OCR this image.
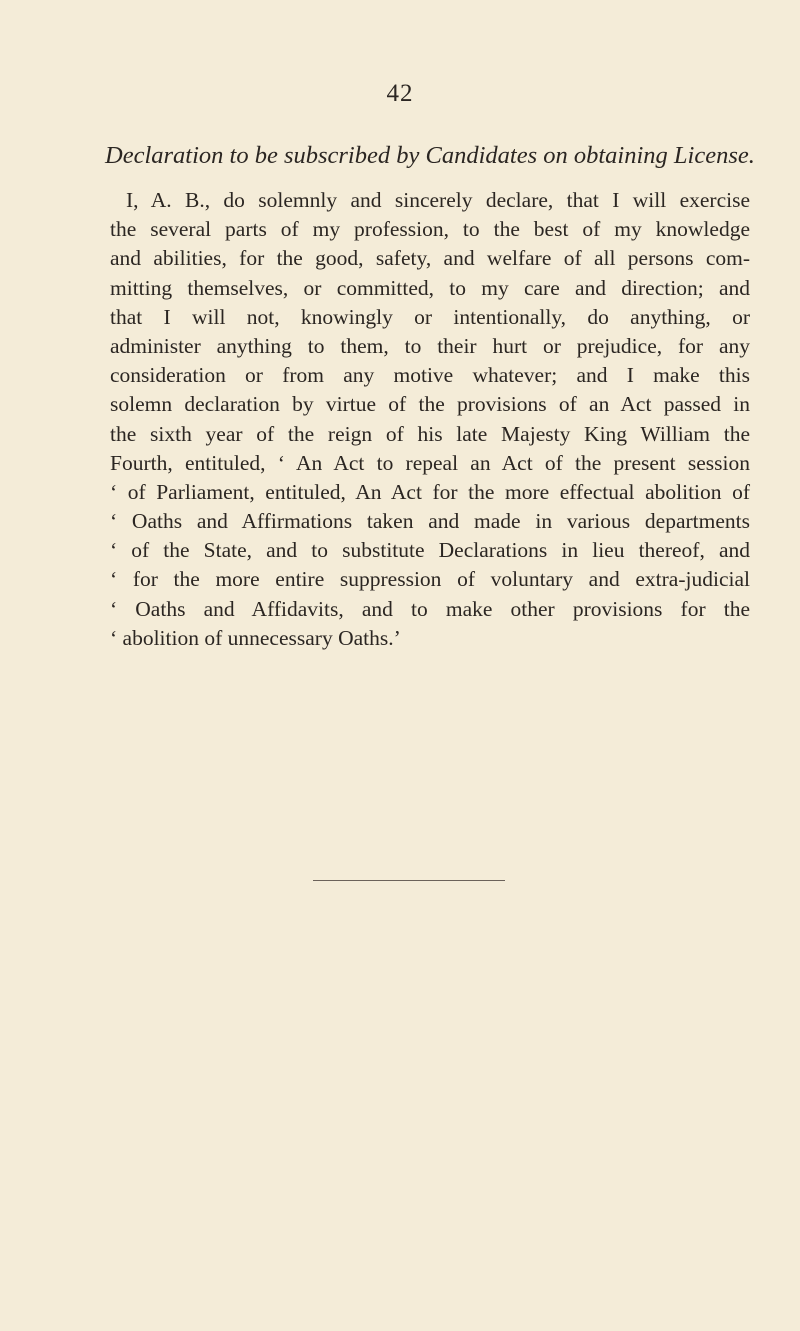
42
Declaration to be subscribed by Candidates on obtaining License.
I, A. B., do solemnly and sincerely declare, that I will exercise
the several parts of my profession, to the best of my knowledge
and abilities, for the good, safety, and welfare of all persons com-
mitting themselves, or committed, to my care and direction; and
that I will not, knowingly or intentionally, do anything, or
administer anything to them, to their hurt or prejudice, for any
consideration or from any motive whatever; and I make this
solemn declaration by virtue of the provisions of an Act passed in
the sixth year of the reign of his late Majesty King William the
Fourth, entituled, ‘ An Act to repeal an Act of the present session
‘ of Parliament, entituled, An Act for the more effectual abolition of
‘ Oaths and Affirmations taken and made in various departments
‘ of the State, and to substitute Declarations in lieu thereof, and
‘ for the more entire suppression of voluntary and extra-judicial
‘ Oaths and Affidavits, and to make other provisions for the
‘ abolition of unnecessary Oaths.’
